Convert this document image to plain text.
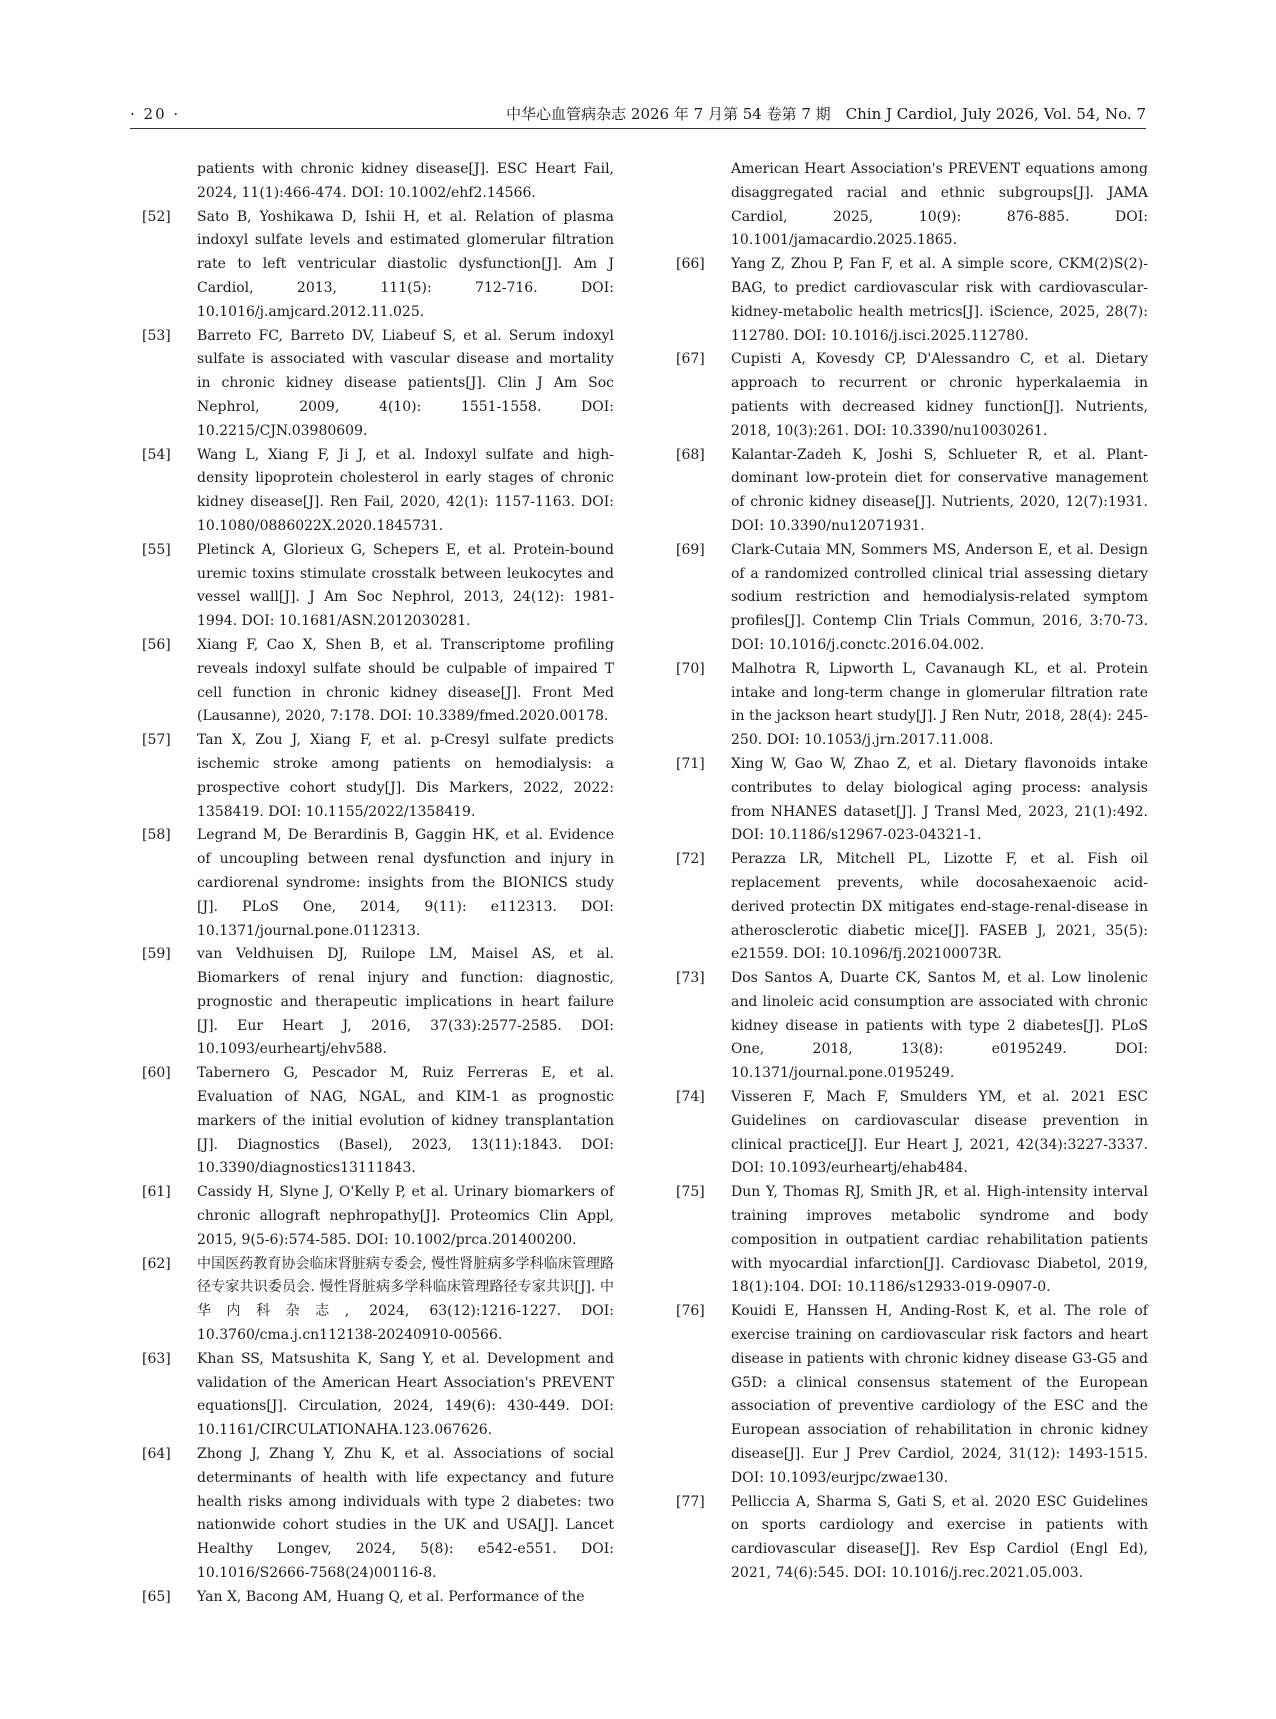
· 20 ·	中华心血管病杂志 2026 年 7 月第 54 卷第 7 期　Chin J Cardiol, July 2026, Vol. 54, No. 7
patients with chronic kidney disease[J]. ESC Heart Fail, 2024, 11(1):466-474. DOI: 10.1002/ehf2.14566.
[52] Sato B, Yoshikawa D, Ishii H, et al. Relation of plasma indoxyl sulfate levels and estimated glomerular filtration rate to left ventricular diastolic dysfunction[J]. Am J Cardiol, 2013, 111(5): 712-716. DOI: 10.1016/j.amjcard.2012.11.025.
[53] Barreto FC, Barreto DV, Liabeuf S, et al. Serum indoxyl sulfate is associated with vascular disease and mortality in chronic kidney disease patients[J]. Clin J Am Soc Nephrol, 2009, 4(10): 1551-1558. DOI: 10.2215/CJN.03980609.
[54] Wang L, Xiang F, Ji J, et al. Indoxyl sulfate and high-density lipoprotein cholesterol in early stages of chronic kidney disease[J]. Ren Fail, 2020, 42(1): 1157-1163. DOI: 10.1080/0886022X.2020.1845731.
[55] Pletinck A, Glorieux G, Schepers E, et al. Protein-bound uremic toxins stimulate crosstalk between leukocytes and vessel wall[J]. J Am Soc Nephrol, 2013, 24(12): 1981-1994. DOI: 10.1681/ASN.2012030281.
[56] Xiang F, Cao X, Shen B, et al. Transcriptome profiling reveals indoxyl sulfate should be culpable of impaired T cell function in chronic kidney disease[J]. Front Med (Lausanne), 2020, 7:178. DOI: 10.3389/fmed.2020.00178.
[57] Tan X, Zou J, Xiang F, et al. p-Cresyl sulfate predicts ischemic stroke among patients on hemodialysis: a prospective cohort study[J]. Dis Markers, 2022, 2022: 1358419. DOI: 10.1155/2022/1358419.
[58] Legrand M, De Berardinis B, Gaggin HK, et al. Evidence of uncoupling between renal dysfunction and injury in cardiorenal syndrome: insights from the BIONICS study [J]. PLoS One, 2014, 9(11): e112313. DOI: 10.1371/journal.pone.0112313.
[59] van Veldhuisen DJ, Ruilope LM, Maisel AS, et al. Biomarkers of renal injury and function: diagnostic, prognostic and therapeutic implications in heart failure [J]. Eur Heart J, 2016, 37(33):2577-2585. DOI: 10.1093/eurheartj/ehv588.
[60] Tabernero G, Pescador M, Ruiz Ferreras E, et al. Evaluation of NAG, NGAL, and KIM-1 as prognostic markers of the initial evolution of kidney transplantation [J]. Diagnostics (Basel), 2023, 13(11):1843. DOI: 10.3390/diagnostics13111843.
[61] Cassidy H, Slyne J, O'Kelly P, et al. Urinary biomarkers of chronic allograft nephropathy[J]. Proteomics Clin Appl, 2015, 9(5-6):574-585. DOI: 10.1002/prca.201400200.
[62] 中国医药教育协会临床肾脏病专委会, 慢性肾脏病多学科临床管理路径专家共识委员会. 慢性肾脏病多学科临床管理路径专家共识[J]. 中华内科杂志, 2024, 63(12):1216-1227. DOI: 10.3760/cma.j.cn112138-20240910-00566.
[63] Khan SS, Matsushita K, Sang Y, et al. Development and validation of the American Heart Association's PREVENT equations[J]. Circulation, 2024, 149(6): 430-449. DOI: 10.1161/CIRCULATIONAHA.123.067626.
[64] Zhong J, Zhang Y, Zhu K, et al. Associations of social determinants of health with life expectancy and future health risks among individuals with type 2 diabetes: two nationwide cohort studies in the UK and USA[J]. Lancet Healthy Longev, 2024, 5(8): e542-e551. DOI: 10.1016/S2666-7568(24)00116-8.
[65] Yan X, Bacong AM, Huang Q, et al. Performance of the
American Heart Association's PREVENT equations among disaggregated racial and ethnic subgroups[J]. JAMA Cardiol, 2025, 10(9): 876-885. DOI: 10.1001/jamacardio.2025.1865.
[66] Yang Z, Zhou P, Fan F, et al. A simple score, CKM(2)S(2)-BAG, to predict cardiovascular risk with cardiovascular-kidney-metabolic health metrics[J]. iScience, 2025, 28(7): 112780. DOI: 10.1016/j.isci.2025.112780.
[67] Cupisti A, Kovesdy CP, D'Alessandro C, et al. Dietary approach to recurrent or chronic hyperkalaemia in patients with decreased kidney function[J]. Nutrients, 2018, 10(3):261. DOI: 10.3390/nu10030261.
[68] Kalantar-Zadeh K, Joshi S, Schlueter R, et al. Plant-dominant low-protein diet for conservative management of chronic kidney disease[J]. Nutrients, 2020, 12(7):1931. DOI: 10.3390/nu12071931.
[69] Clark-Cutaia MN, Sommers MS, Anderson E, et al. Design of a randomized controlled clinical trial assessing dietary sodium restriction and hemodialysis-related symptom profiles[J]. Contemp Clin Trials Commun, 2016, 3:70-73. DOI: 10.1016/j.conctc.2016.04.002.
[70] Malhotra R, Lipworth L, Cavanaugh KL, et al. Protein intake and long-term change in glomerular filtration rate in the jackson heart study[J]. J Ren Nutr, 2018, 28(4): 245-250. DOI: 10.1053/j.jrn.2017.11.008.
[71] Xing W, Gao W, Zhao Z, et al. Dietary flavonoids intake contributes to delay biological aging process: analysis from NHANES dataset[J]. J Transl Med, 2023, 21(1):492. DOI: 10.1186/s12967-023-04321-1.
[72] Perazza LR, Mitchell PL, Lizotte F, et al. Fish oil replacement prevents, while docosahexaenoic acid-derived protectin DX mitigates end-stage-renal-disease in atherosclerotic diabetic mice[J]. FASEB J, 2021, 35(5): e21559. DOI: 10.1096/fj.202100073R.
[73] Dos Santos A, Duarte CK, Santos M, et al. Low linolenic and linoleic acid consumption are associated with chronic kidney disease in patients with type 2 diabetes[J]. PLoS One, 2018, 13(8): e0195249. DOI: 10.1371/journal.pone.0195249.
[74] Visseren F, Mach F, Smulders YM, et al. 2021 ESC Guidelines on cardiovascular disease prevention in clinical practice[J]. Eur Heart J, 2021, 42(34):3227-3337. DOI: 10.1093/eurheartj/ehab484.
[75] Dun Y, Thomas RJ, Smith JR, et al. High-intensity interval training improves metabolic syndrome and body composition in outpatient cardiac rehabilitation patients with myocardial infarction[J]. Cardiovasc Diabetol, 2019, 18(1):104. DOI: 10.1186/s12933-019-0907-0.
[76] Kouidi E, Hanssen H, Anding-Rost K, et al. The role of exercise training on cardiovascular risk factors and heart disease in patients with chronic kidney disease G3-G5 and G5D: a clinical consensus statement of the European association of preventive cardiology of the ESC and the European association of rehabilitation in chronic kidney disease[J]. Eur J Prev Cardiol, 2024, 31(12): 1493-1515. DOI: 10.1093/eurjpc/zwae130.
[77] Pelliccia A, Sharma S, Gati S, et al. 2020 ESC Guidelines on sports cardiology and exercise in patients with cardiovascular disease[J]. Rev Esp Cardiol (Engl Ed), 2021, 74(6):545. DOI: 10.1016/j.rec.2021.05.003.
